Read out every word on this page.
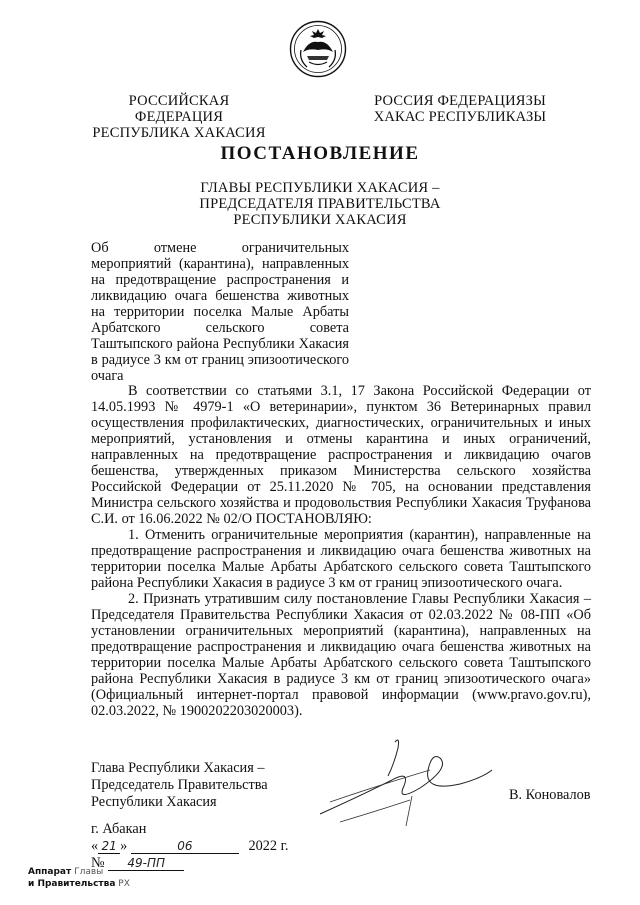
РОССИЙСКАЯ ФЕДЕРАЦИЯ
РЕСПУБЛИКА ХАКАСИЯ
РОССИЯ ФЕДЕРАЦИЯЗЫ
ХАКАС РЕСПУБЛИКАЗЫ
ПОСТАНОВЛЕНИЕ
ГЛАВЫ РЕСПУБЛИКИ ХАКАСИЯ –
ПРЕДСЕДАТЕЛЯ ПРАВИТЕЛЬСТВА
РЕСПУБЛИКИ ХАКАСИЯ
Об отмене ограничительных мероприятий (карантина), направленных на предотвращение распространения и ликвидацию очага бешенства животных на территории поселка Малые Арбаты Арбатского сельского совета Таштыпского района Республики Хакасия в радиусе 3 км от границ эпизоотического очага

В соответствии со статьями 3.1, 17 Закона Российской Федерации от 14.05.1993 № 4979-1 «О ветеринарии», пунктом 36 Ветеринарных правил осуществления профилактических, диагностических, ограничительных и иных мероприятий, установления и отмены карантина и иных ограничений, направленных на предотвращение распространения и ликвидацию очагов бешенства, утвержденных приказом Министерства сельского хозяйства Российской Федерации от 25.11.2020 № 705, на основании представления Министра сельского хозяйства и продовольствия Республики Хакасия Труфанова С.И. от 16.06.2022 № 02/О ПОСТАНОВЛЯЮ:

1. Отменить ограничительные мероприятия (карантин), направленные на предотвращение распространения и ликвидацию очага бешенства животных на территории поселка Малые Арбаты Арбатского сельского совета Таштыпского района Республики Хакасия в радиусе 3 км от границ эпизоотического очага.

2. Признать утратившим силу постановление Главы Республики Хакасия – Председателя Правительства Республики Хакасия от 02.03.2022 № 08-ПП «Об установлении ограничительных мероприятий (карантина), направленных на предотвращение распространения и ликвидацию очага бешенства животных на территории поселка Малые Арбаты Арбатского сельского совета Таштыпского района Республики Хакасия в радиусе 3 км от границ эпизоотического очага» (Официальный интернет-портал правовой информации (www.pravo.gov.ru), 02.03.2022, № 1900202203020003).

Глава Республики Хакасия –
Председатель Правительства
Республики Хакасия	В. Коновалов
г. Абакан
« 21 »	06	2022 г.
№ 49-ПП
Аппарат Главы
и Правительства РХ
